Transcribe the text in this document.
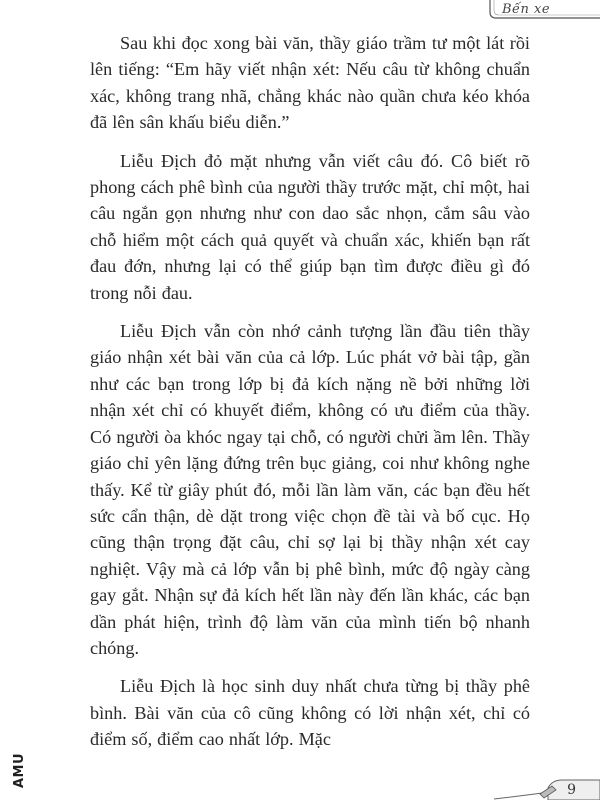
Bến xe

Sau khi đọc xong bài văn, thầy giáo trầm tư một lát rồi lên tiếng: “Em hãy viết nhận xét: Nếu câu từ không chuẩn xác, không trang nhã, chẳng khác nào quần chưa kéo khóa đã lên sân khấu biểu diễn.”

Liễu Địch đỏ mặt nhưng vẫn viết câu đó. Cô biết rõ phong cách phê bình của người thầy trước mặt, chỉ một, hai câu ngắn gọn nhưng như con dao sắc nhọn, cắm sâu vào chỗ hiểm một cách quả quyết và chuẩn xác, khiến bạn rất đau đớn, nhưng lại có thể giúp bạn tìm được điều gì đó trong nỗi đau.

Liễu Địch vẫn còn nhớ cảnh tượng lần đầu tiên thầy giáo nhận xét bài văn của cả lớp. Lúc phát vở bài tập, gần như các bạn trong lớp bị đả kích nặng nề bởi những lời nhận xét chỉ có khuyết điểm, không có ưu điểm của thầy. Có người òa khóc ngay tại chỗ, có người chửi ầm lên. Thầy giáo chỉ yên lặng đứng trên bục giảng, coi như không nghe thấy. Kể từ giây phút đó, mỗi lần làm văn, các bạn đều hết sức cẩn thận, dè dặt trong việc chọn đề tài và bố cục. Họ cũng thận trọng đặt câu, chỉ sợ lại bị thầy nhận xét cay nghiệt. Vậy mà cả lớp vẫn bị phê bình, mức độ ngày càng gay gắt. Nhận sự đả kích hết lần này đến lần khác, các bạn dần phát hiện, trình độ làm văn của mình tiến bộ nhanh chóng.

Liễu Địch là học sinh duy nhất chưa từng bị thầy phê bình. Bài văn của cô cũng không có lời nhận xét, chỉ có điểm số, điểm cao nhất lớp. Mặc

AMU
9
